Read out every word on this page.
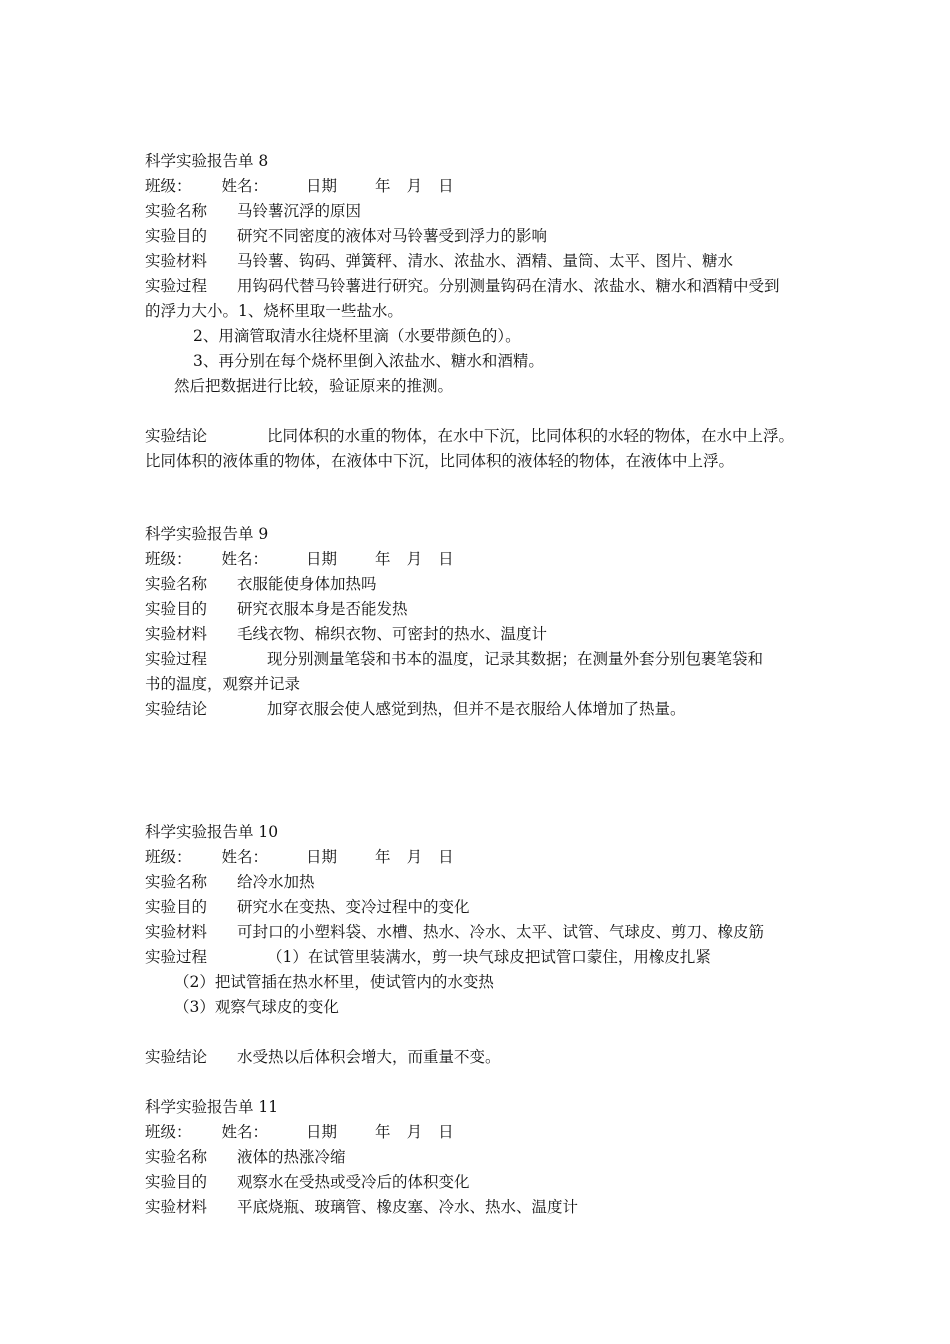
科学实验报告单 8
班级： 姓名： 日期 年 月 日
实验名称 马铃薯沉浮的原因
实验目的 研究不同密度的液体对马铃薯受到浮力的影响
实验材料 马铃薯、钩码、弹簧秤、清水、浓盐水、酒精、量筒、太平、图片、糖水
实验过程 用钩码代替马铃薯进行研究。分别测量钩码在清水、浓盐水、糖水和酒精中受到
的浮力大小。1、烧杯里取一些盐水。
2、用滴管取清水往烧杯里滴（水要带颜色的）。
3、再分别在每个烧杯里倒入浓盐水、糖水和酒精。
然后把数据进行比较，验证原来的推测。
实验结论	比同体积的水重的物体，在水中下沉，比同体积的水轻的物体，在水中上浮。
比同体积的液体重的物体，在液体中下沉，比同体积的液体轻的物体，在液体中上浮。
科学实验报告单 9
班级： 姓名： 日期 年 月 日
实验名称 衣服能使身体加热吗
实验目的 研究衣服本身是否能发热
实验材料 毛线衣物、棉织衣物、可密封的热水、温度计
实验过程	现分别测量笔袋和书本的温度，记录其数据；在测量外套分别包裹笔袋和
书的温度，观察并记录
实验结论	加穿衣服会使人感觉到热，但并不是衣服给人体增加了热量。
科学实验报告单 10
班级： 姓名： 日期 年 月 日
实验名称 给冷水加热
实验目的 研究水在变热、变冷过程中的变化
实验材料 可封口的小塑料袋、水槽、热水、冷水、太平、试管、气球皮、剪刀、橡皮筋
实验过程	（1）在试管里装满水，剪一块气球皮把试管口蒙住，用橡皮扎紧
（2）把试管插在热水杯里，使试管内的水变热
（3）观察气球皮的变化
实验结论 水受热以后体积会增大，而重量不变。
科学实验报告单 11
班级： 姓名： 日期 年 月 日
实验名称 液体的热涨冷缩
实验目的 观察水在受热或受冷后的体积变化
实验材料 平底烧瓶、玻璃管、橡皮塞、冷水、热水、温度计
